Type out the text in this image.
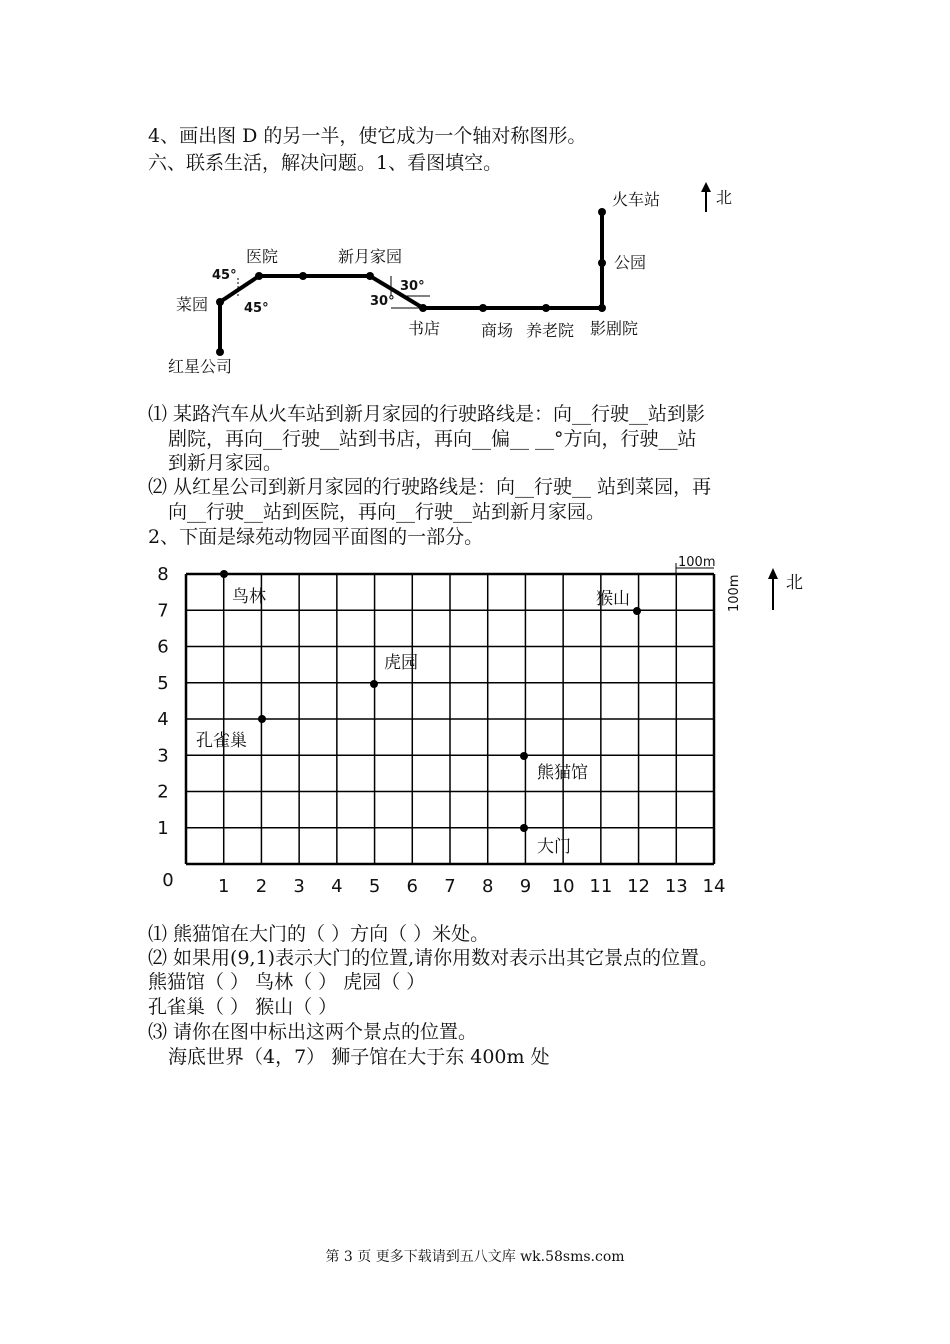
4、画出图 D 的另一半，使它成为一个轴对称图形。
六、联系生活，解决问题。1、看图填空。
北
火车站
公园
影剧院
养老院
商场
书店
新月家园
医院
菜园
红星公司
45°
45°
30°
30°
⑴ 某路汽车从火车站到新月家园的行驶路线是：向__行驶__站到影
剧院，再向__行驶__站到书店，再向__偏__ __°方向，行驶__站
到新月家园。
⑵ 从红星公司到新月家园的行驶路线是：向__行驶__ 站到菜园，再
向__行驶__站到医院，再向__行驶__站到新月家园。
2、下面是绿苑动物园平面图的一部分。
0 1 2 3 4 5 6 7 8 9 10 11 12 13 14
1
2
3
4
5
6
7
8
100m
100m	北
鸟林	猴山
虎园
孔雀巢
熊猫馆
大门
⑴ 熊猫馆在大门的（ ）方向（ ）米处。
⑵ 如果用(9,1)表示大门的位置,请你用数对表示出其它景点的位置。
熊猫馆（ ） 鸟林（ ） 虎园（ ）
孔雀巢（ ） 猴山（ ）
⑶ 请你在图中标出这两个景点的位置。
海底世界（4，7） 狮子馆在大于东 400m 处
第 3 页 更多下载请到五八文库 wk.58sms.com
